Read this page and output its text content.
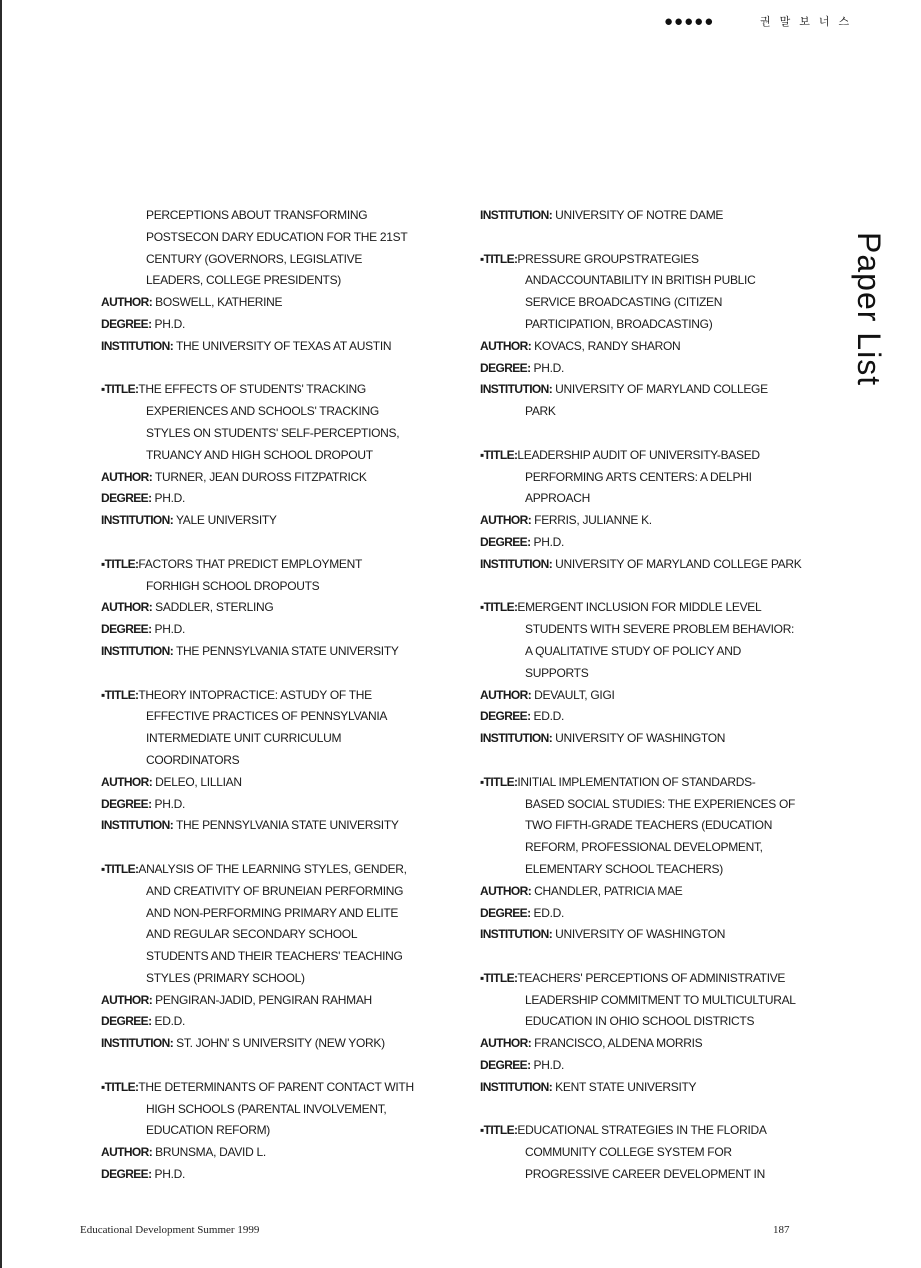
●●●●●	권말보너스
Paper List
PERCEPTIONS ABOUT TRANSFORMING
POSTSECON DARY EDUCATION FOR THE 21ST
CENTURY (GOVERNORS, LEGISLATIVE
LEADERS, COLLEGE PRESIDENTS)
AUTHOR: BOSWELL, KATHERINE
DEGREE: PH.D.
INSTITUTION: THE UNIVERSITY OF TEXAS AT AUSTIN
▪TITLE:THE EFFECTS OF STUDENTS' TRACKING
EXPERIENCES AND SCHOOLS' TRACKING
STYLES ON STUDENTS' SELF-PERCEPTIONS,
TRUANCY AND HIGH SCHOOL DROPOUT
AUTHOR: TURNER, JEAN DUROSS FITZPATRICK
DEGREE: PH.D.
INSTITUTION: YALE UNIVERSITY
▪TITLE:FACTORS THAT PREDICT EMPLOYMENT
FORHIGH SCHOOL DROPOUTS
AUTHOR: SADDLER, STERLING
DEGREE: PH.D.
INSTITUTION: THE PENNSYLVANIA STATE UNIVERSITY
▪TITLE:THEORY INTOPRACTICE: ASTUDY OF THE
EFFECTIVE PRACTICES OF PENNSYLVANIA
INTERMEDIATE UNIT CURRICULUM
COORDINATORS
AUTHOR: DELEO, LILLIAN
DEGREE: PH.D.
INSTITUTION: THE PENNSYLVANIA STATE UNIVERSITY
▪TITLE:ANALYSIS OF THE LEARNING STYLES, GENDER,
AND CREATIVITY OF BRUNEIAN PERFORMING
AND NON-PERFORMING PRIMARY AND ELITE
AND REGULAR SECONDARY SCHOOL
STUDENTS AND THEIR TEACHERS' TEACHING
STYLES (PRIMARY SCHOOL)
AUTHOR: PENGIRAN-JADID, PENGIRAN RAHMAH
DEGREE: ED.D.
INSTITUTION: ST. JOHN' S UNIVERSITY (NEW YORK)
▪TITLE:THE DETERMINANTS OF PARENT CONTACT WITH
HIGH SCHOOLS (PARENTAL INVOLVEMENT,
EDUCATION REFORM)
AUTHOR: BRUNSMA, DAVID L.
DEGREE: PH.D.
INSTITUTION: UNIVERSITY OF NOTRE DAME
▪TITLE:PRESSURE GROUPSTRATEGIES
ANDACCOUNTABILITY IN BRITISH PUBLIC
SERVICE BROADCASTING (CITIZEN
PARTICIPATION, BROADCASTING)
AUTHOR: KOVACS, RANDY SHARON
DEGREE: PH.D.
INSTITUTION: UNIVERSITY OF MARYLAND COLLEGE
PARK
▪TITLE:LEADERSHIP AUDIT OF UNIVERSITY-BASED
PERFORMING ARTS CENTERS: A DELPHI
APPROACH
AUTHOR: FERRIS, JULIANNE K.
DEGREE: PH.D.
INSTITUTION: UNIVERSITY OF MARYLAND COLLEGE PARK
▪TITLE:EMERGENT INCLUSION FOR MIDDLE LEVEL
STUDENTS WITH SEVERE PROBLEM BEHAVIOR:
A QUALITATIVE STUDY OF POLICY AND
SUPPORTS
AUTHOR: DEVAULT, GIGI
DEGREE: ED.D.
INSTITUTION: UNIVERSITY OF WASHINGTON
▪TITLE:INITIAL IMPLEMENTATION OF STANDARDS-
BASED SOCIAL STUDIES: THE EXPERIENCES OF
TWO FIFTH-GRADE TEACHERS (EDUCATION
REFORM, PROFESSIONAL DEVELOPMENT,
ELEMENTARY SCHOOL TEACHERS)
AUTHOR: CHANDLER, PATRICIA MAE
DEGREE: ED.D.
INSTITUTION: UNIVERSITY OF WASHINGTON
▪TITLE:TEACHERS' PERCEPTIONS OF ADMINISTRATIVE
LEADERSHIP COMMITMENT TO MULTICULTURAL
EDUCATION IN OHIO SCHOOL DISTRICTS
AUTHOR: FRANCISCO, ALDENA MORRIS
DEGREE: PH.D.
INSTITUTION: KENT STATE UNIVERSITY
▪TITLE:EDUCATIONAL STRATEGIES IN THE FLORIDA
COMMUNITY COLLEGE SYSTEM FOR
PROGRESSIVE CAREER DEVELOPMENT IN
Educational Development Summer 1999	187
